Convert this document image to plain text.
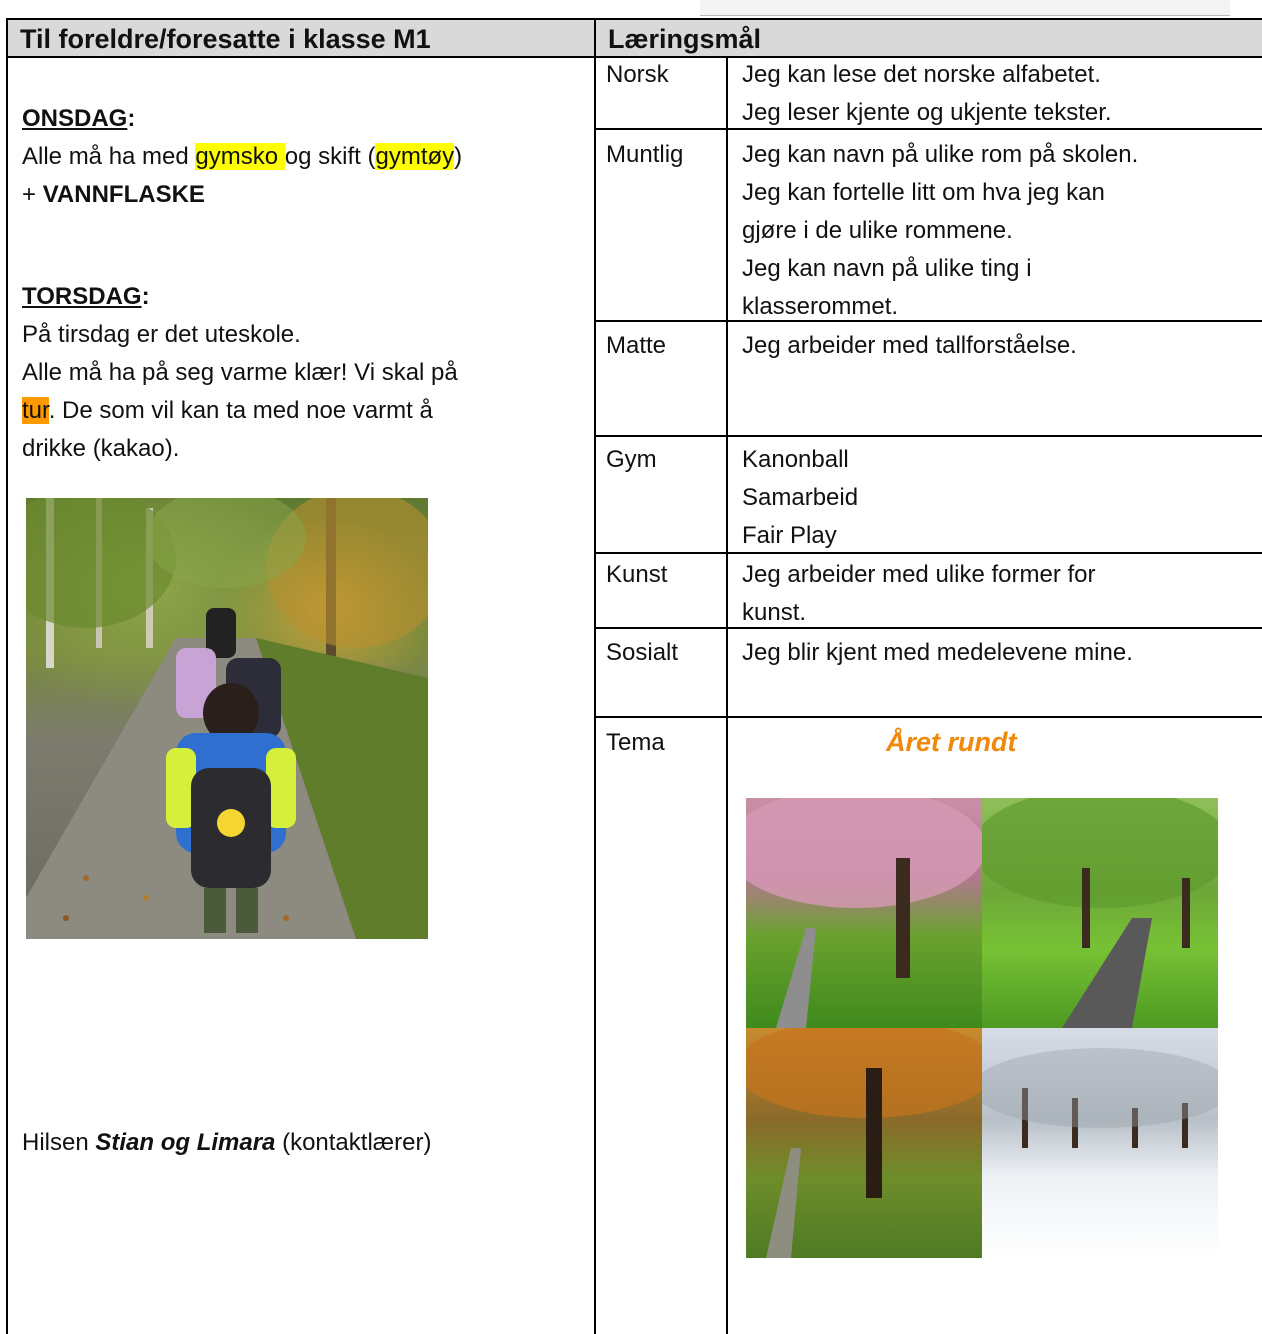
Til foreldre/foresatte i klasse M1	Læringsmål
ONSDAG:
Alle må ha med gymsko og skift (gymtøy)
+ VANNFLASKE
TORSDAG:
På tirsdag er det uteskole.
Alle må ha på seg varme klær! Vi skal på
tur. De som vil kan ta med noe varmt å
drikke (kakao).
Hilsen Stian og Limara (kontaktlærer)
Norsk	Jeg kan lese det norske alfabetet.
Jeg leser kjente og ukjente tekster.
Muntlig Jeg kan navn på ulike rom på skolen.
Jeg kan fortelle litt om hva jeg kan
gjøre i de ulike rommene.
Jeg kan navn på ulike ting i
klasserommet.
Matte	Jeg arbeider med tallforståelse.
Gym	Kanonball
Samarbeid
Fair Play
Kunst	Jeg arbeider med ulike former for
kunst.
Sosialt	Jeg blir kjent med medelevene mine.
Tema	Året rundt
